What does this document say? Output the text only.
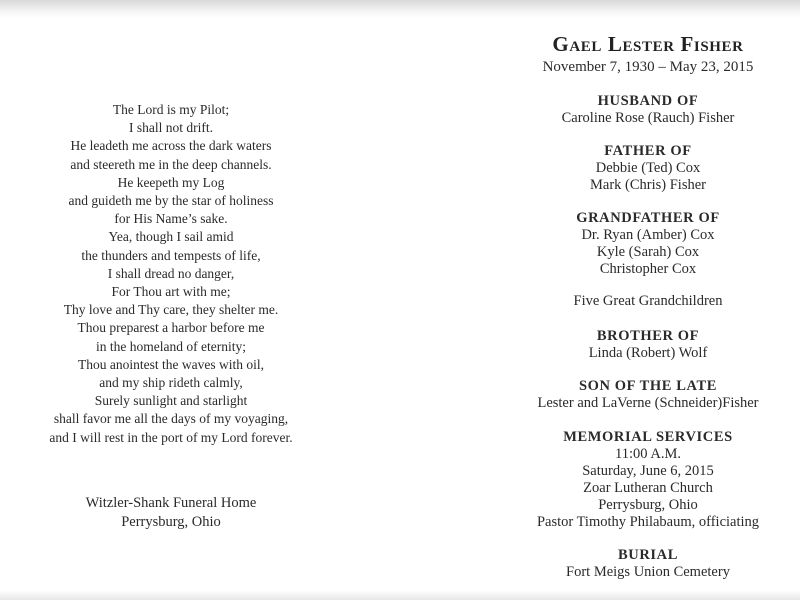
The Lord is my Pilot;
I shall not drift.
He leadeth me across the dark waters
and steereth me in the deep channels.
He keepeth my Log
and guideth me by the star of holiness
for His Name’s sake.
Yea, though I sail amid
the thunders and tempests of life,
I shall dread no danger,
For Thou art with me;
Thy love and Thy care, they shelter me.
Thou preparest a harbor before me
in the homeland of eternity;
Thou anointest the waves with oil,
and my ship rideth calmly,
Surely sunlight and starlight
shall favor me all the days of my voyaging,
and I will rest in the port of my Lord forever.
Witzler-Shank Funeral Home
Perrysburg, Ohio
Gael Lester Fisher
November 7, 1930 – May 23, 2015
HUSBAND OF
Caroline Rose (Rauch) Fisher
FATHER OF
Debbie (Ted) Cox
Mark (Chris) Fisher
GRANDFATHER OF
Dr. Ryan (Amber) Cox
Kyle (Sarah) Cox
Christopher Cox
Five Great Grandchildren
BROTHER OF
Linda (Robert) Wolf
SON OF THE LATE
Lester and LaVerne (Schneider)Fisher
MEMORIAL SERVICES
11:00 A.M.
Saturday, June 6, 2015
Zoar Lutheran Church
Perrysburg, Ohio
Pastor Timothy Philabaum, officiating
BURIAL
Fort Meigs Union Cemetery
